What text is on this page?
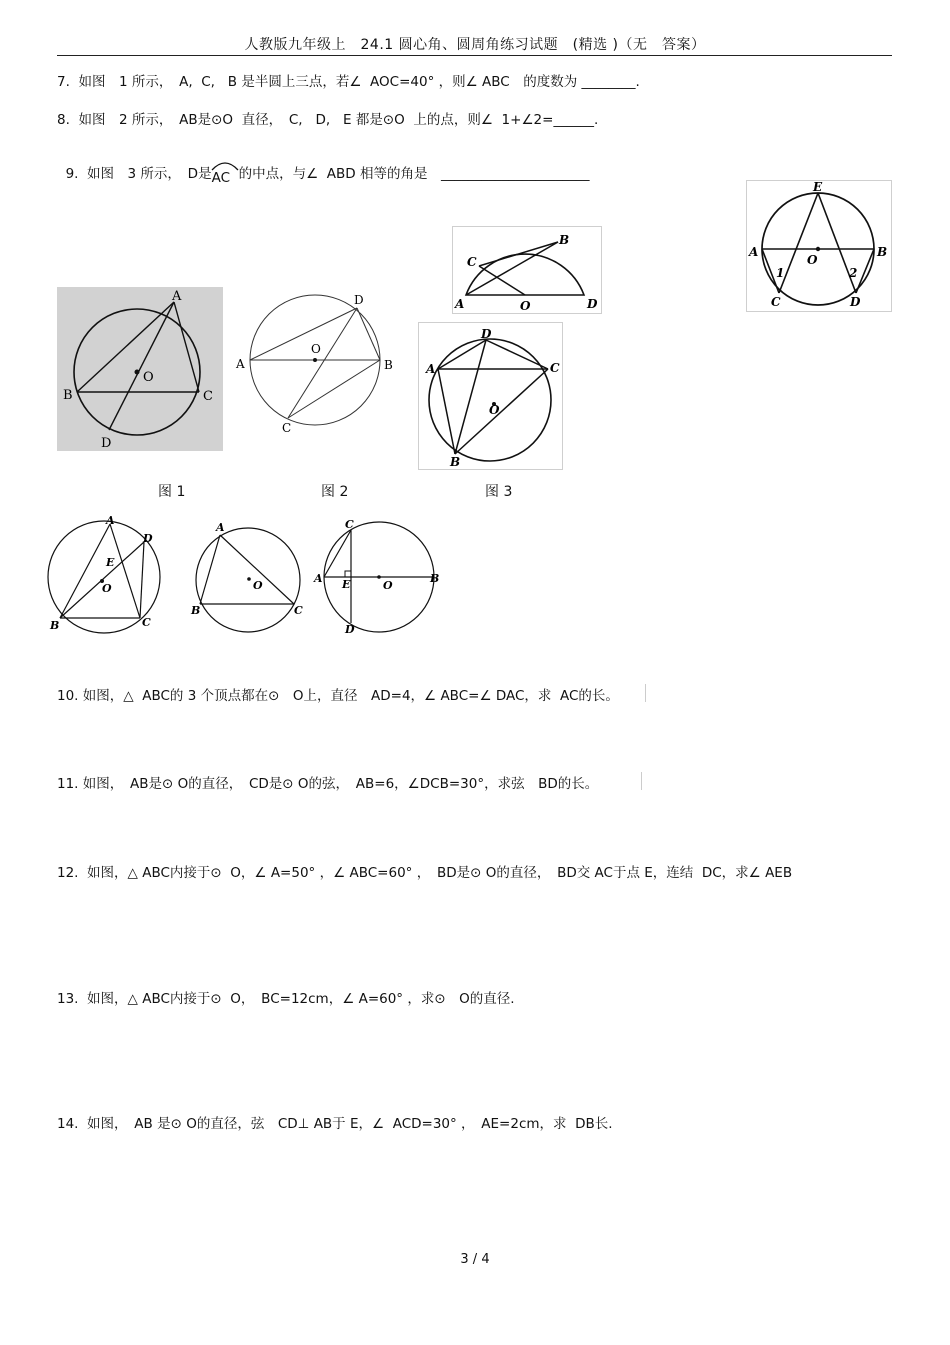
人教版九年级上　24.1 圆心角、圆周角练习试题　(精选 )（无　答案）
7.  如图　1 所示，　A,  C,   B 是半圆上三点，若∠  AOC=40° ，则∠ ABC　的度数为 ________.
8.  如图　2 所示，　AB是⊙O  直径，　C,   D,   E 都是⊙O  上的点，则∠  1+∠2=______.

9.  如图　3 所示，　D是
AC  的中点，与∠  ABD 相等的角是　______________________

A
B	C
D
O
A	B
C
D
O
A
B
C
D
O
A
B
C
D
O
A	B
C	D
E
O
1	2
图 1	图 2	图 3
A
B	C
D
E
O
A
B	C
O
A	B
C
D
E	O
10. 如图，△  ABC的 3 个顶点都在⊙　O上，直径　AD=4，∠ ABC=∠ DAC，求  AC的长。
11. 如图，　AB是⊙ O的直径，　CD是⊙ O的弦，　AB=6，∠DCB=30°，求弦　BD的长。
12.  如图，△ ABC内接于⊙  O，∠ A=50° ，∠ ABC=60° ，　BD是⊙ O的直径，　BD交 AC于点 E，连结  DC，求∠ AEB
13.  如图，△ ABC内接于⊙  O，　BC=12cm，∠ A=60° ，求⊙　O的直径.
14.  如图，　AB 是⊙ O的直径，弦　CD⊥ AB于 E，∠  ACD=30° ，　AE=2cm，求  DB长.
3 / 4
